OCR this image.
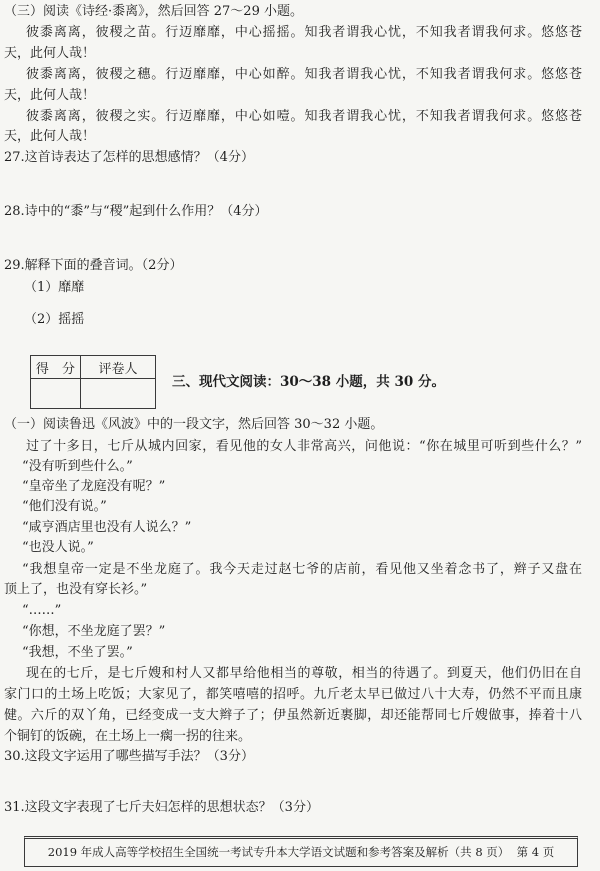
（三）阅读《诗经·黍离》，然后回答 27～29 小题。
彼黍离离，彼稷之苗。行迈靡靡，中心摇摇。知我者谓我心忧，不知我者谓我何求。悠悠苍
天，此何人哉！
彼黍离离，彼稷之穗。行迈靡靡，中心如醉。知我者谓我心忧，不知我者谓我何求。悠悠苍
天，此何人哉！
彼黍离离，彼稷之实。行迈靡靡，中心如噎。知我者谓我心忧，不知我者谓我何求。悠悠苍
天，此何人哉！
27.这首诗表达了怎样的思想感情？（4分）
28.诗中的“黍”与“稷”起到什么作用？（4分）
29.解释下面的叠音词。（2分）
（1）靡靡
（2）摇摇
得 分	评卷人

三、现代文阅读：30～38 小题，共 30 分。
（一）阅读鲁迅《风波》中的一段文字，然后回答 30～32 小题。
过了十多日，七斤从城内回家，看见他的女人非常高兴，问他说：“你在城里可听到些什么？”
“没有听到些什么。”
“皇帝坐了龙庭没有呢？”
“他们没有说。”
“咸亨酒店里也没有人说么？”
“也没人说。”
“我想皇帝一定是不坐龙庭了。我今天走过赵七爷的店前，看见他又坐着念书了，辫子又盘在
顶上了，也没有穿长衫。”
“……”
“你想，不坐龙庭了罢？”
“我想，不坐了罢。”
现在的七斤，是七斤嫂和村人又都早给他相当的尊敬，相当的待遇了。到夏天，他们仍旧在自
家门口的土场上吃饭；大家见了，都笑嘻嘻的招呼。九斤老太早已做过八十大寿，仍然不平而且康
健。六斤的双丫角，已经变成一支大辫子了；伊虽然新近裹脚，却还能帮同七斤嫂做事，捧着十八
个铜钉的饭碗，在土场上一瘸一拐的往来。
30.这段文字运用了哪些描写手法？（3分）
31.这段文字表现了七斤夫妇怎样的思想状态？（3分）
2019 年成人高等学校招生全国统一考试专升本大学语文试题和参考答案及解析（共 8 页）  第 4 页
